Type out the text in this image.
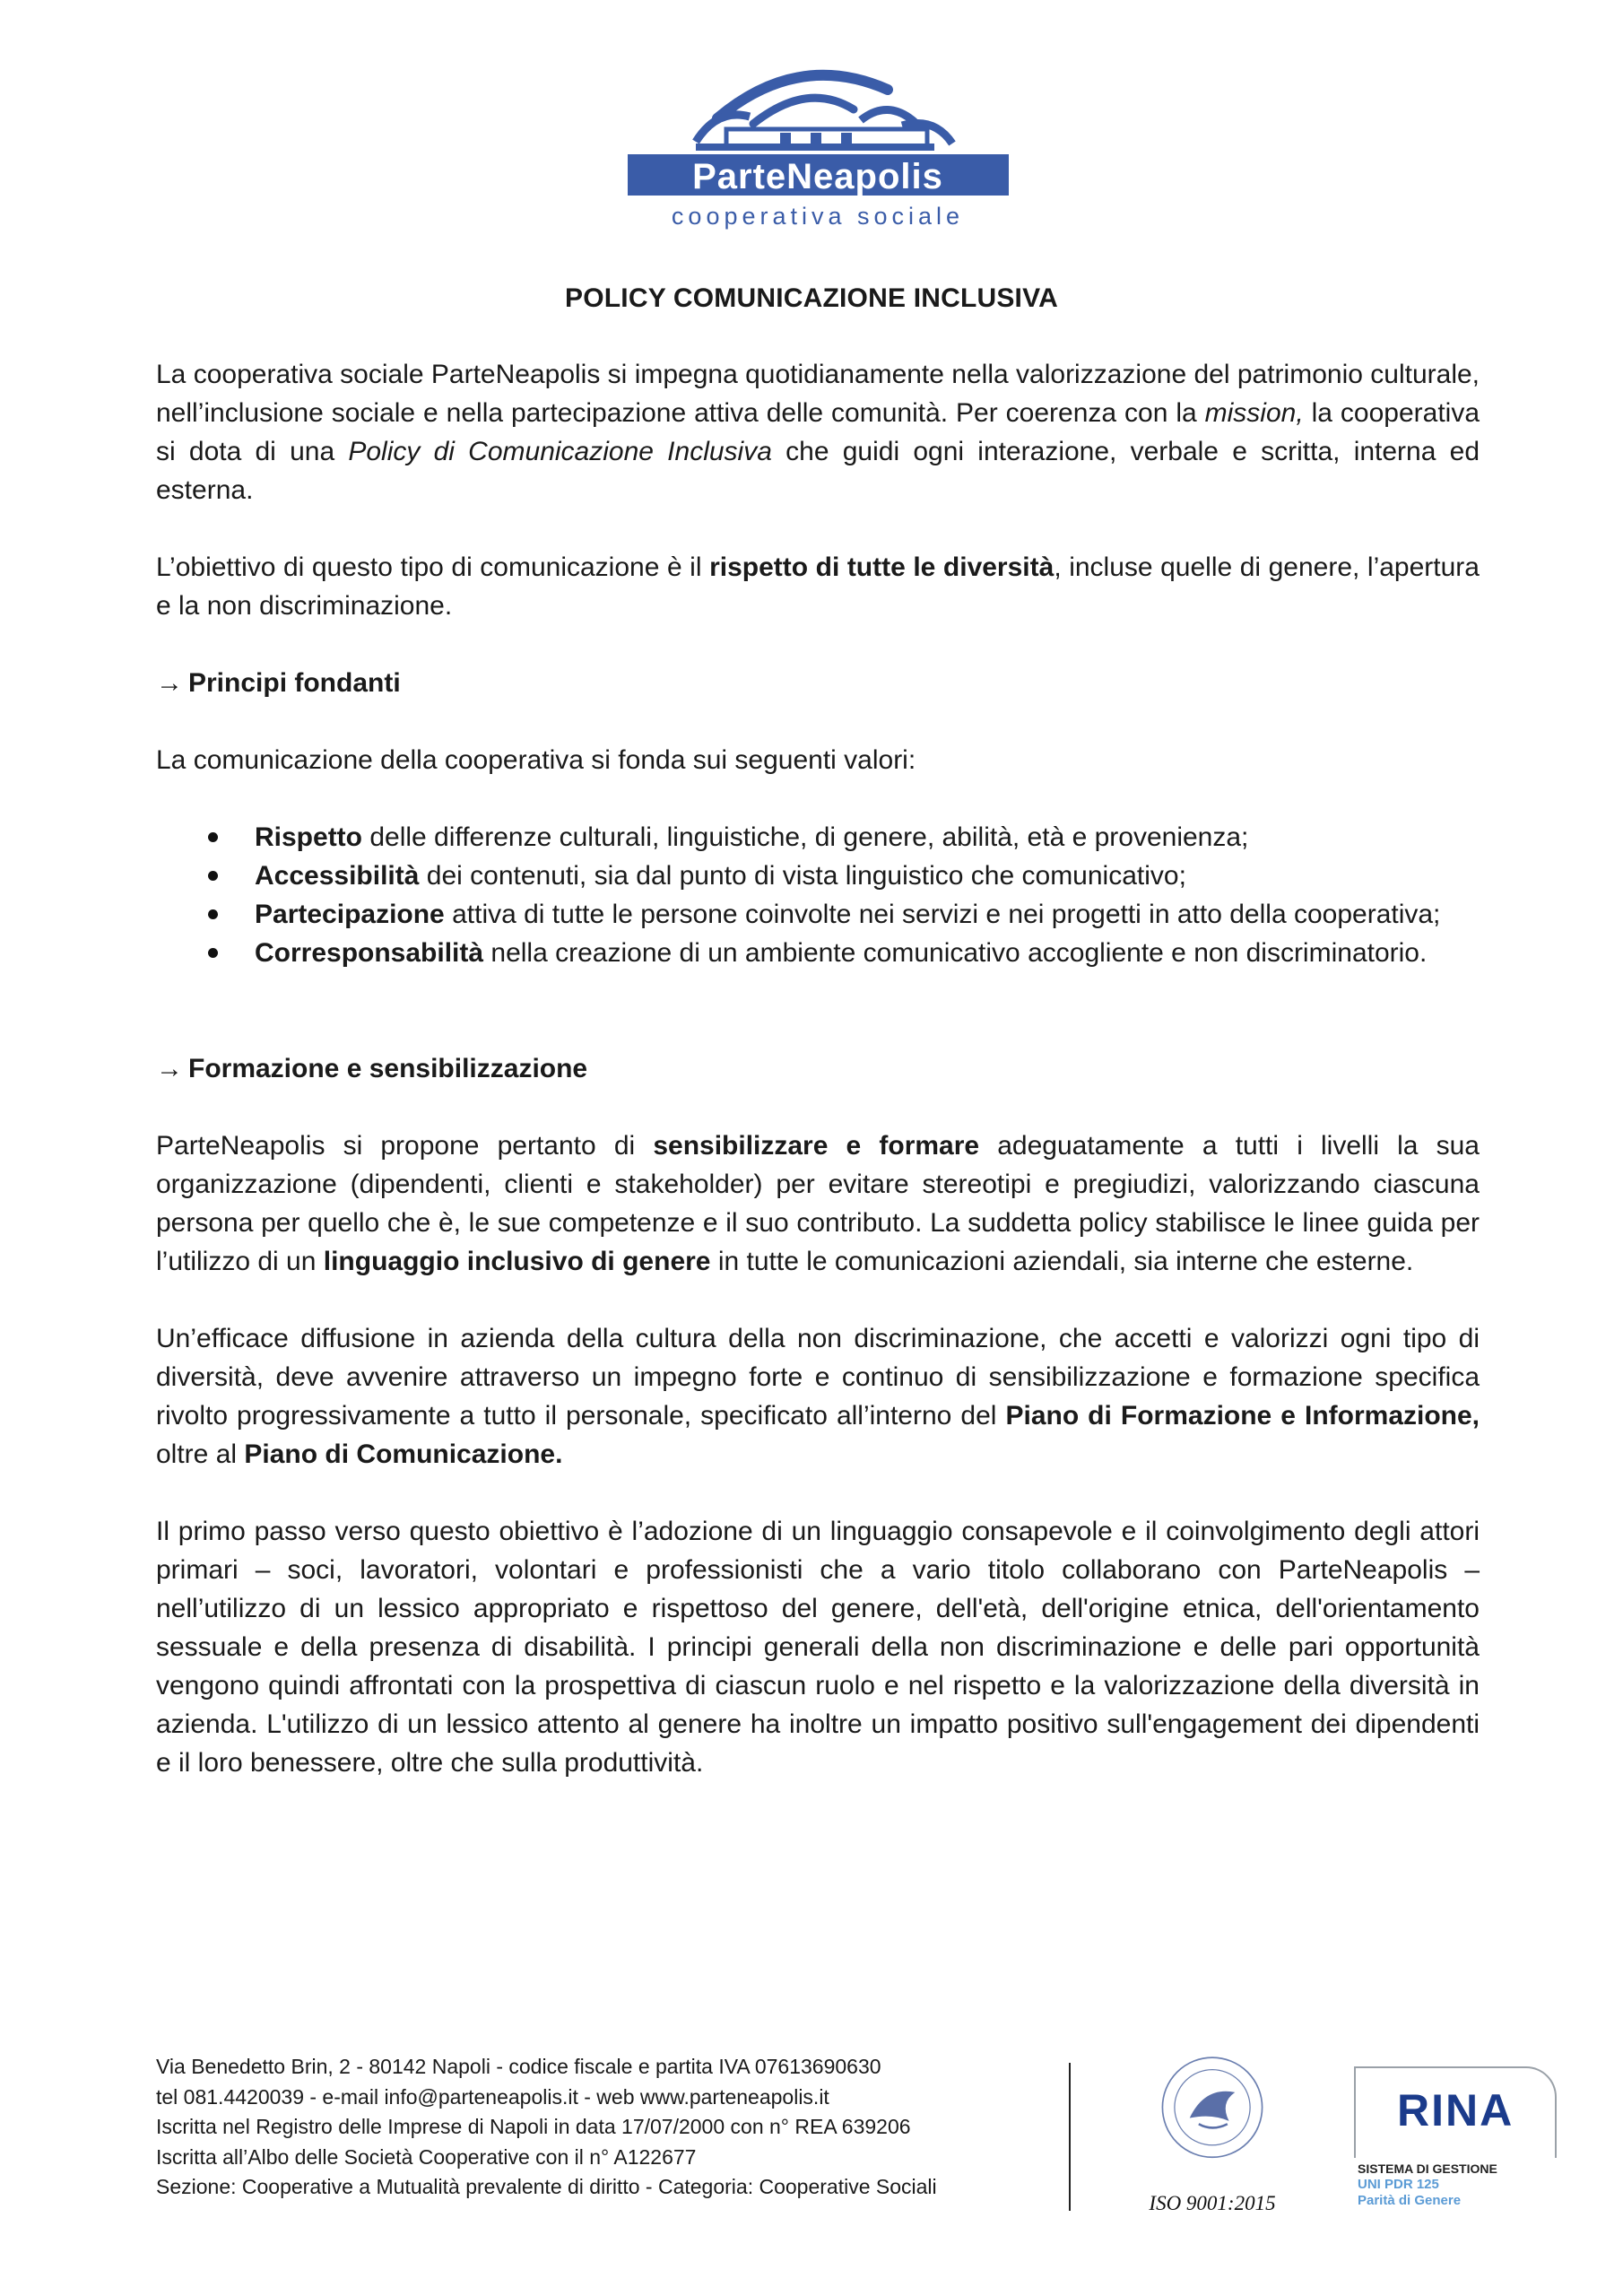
ParteNeapolis
cooperativa sociale
POLICY COMUNICAZIONE INCLUSIVA

La cooperativa sociale ParteNeapolis si impegna quotidianamente nella valorizzazione del patrimonio culturale, nell’inclusione sociale e nella partecipazione attiva delle comunità. Per coerenza con la mission, la cooperativa si dota di una Policy di Comunicazione Inclusiva che guidi ogni interazione, verbale e scritta, interna ed esterna.

L’obiettivo di questo tipo di comunicazione è il rispetto di tutte le diversità, incluse quelle di genere, l’apertura e la non discriminazione.

→ Principi fondanti

La comunicazione della cooperativa si fonda sui seguenti valori:

Rispetto delle differenze culturali, linguistiche, di genere, abilità, età e provenienza;
Accessibilità dei contenuti, sia dal punto di vista linguistico che comunicativo;
Partecipazione attiva di tutte le persone coinvolte nei servizi e nei progetti in atto della cooperativa;
Corresponsabilità nella creazione di un ambiente comunicativo accogliente e non discriminatorio.

→ Formazione e sensibilizzazione

ParteNeapolis si propone pertanto di sensibilizzare e formare adeguatamente a tutti i livelli la sua organizzazione (dipendenti, clienti e stakeholder) per evitare stereotipi e pregiudizi, valorizzando ciascuna persona per quello che è, le sue competenze e il suo contributo. La suddetta policy stabilisce le linee guida per l’utilizzo di un linguaggio inclusivo di genere in tutte le comunicazioni aziendali, sia interne che esterne.

Un’efficace diffusione in azienda della cultura della non discriminazione, che accetti e valorizzi ogni tipo di diversità, deve avvenire attraverso un impegno forte e continuo di sensibilizzazione e formazione specifica rivolto progressivamente a tutto il personale, specificato all’interno del Piano di Formazione e Informazione, oltre al Piano di Comunicazione.

Il primo passo verso questo obiettivo è l’adozione di un linguaggio consapevole e il coinvolgimento degli attori primari – soci, lavoratori, volontari e professionisti che a vario titolo collaborano con ParteNeapolis – nell’utilizzo di un lessico appropriato e rispettoso del genere, dell'età, dell'origine etnica, dell'orientamento sessuale e della presenza di disabilità. I principi generali della non discriminazione e delle pari opportunità vengono quindi affrontati con la prospettiva di ciascun ruolo e nel rispetto e la valorizzazione della diversità in azienda. L'utilizzo di un lessico attento al genere ha inoltre un impatto positivo sull'engagement dei dipendenti e il loro benessere, oltre che sulla produttività.

Via Benedetto Brin, 2 - 80142 Napoli - codice fiscale e partita IVA 07613690630
tel 081.4420039 - e-mail info@parteneapolis.it - web www.parteneapolis.it
Iscritta nel Registro delle Imprese di Napoli in data 17/07/2000 con n° REA 639206
Iscritta all’Albo delle Società Cooperative con il n° A122677
Sezione: Cooperative a Mutualità prevalente di diritto - Categoria: Cooperative Sociali
ISO 9001:2015
RINA
SISTEMA DI GESTIONE
UNI PDR 125
Parità di Genere
